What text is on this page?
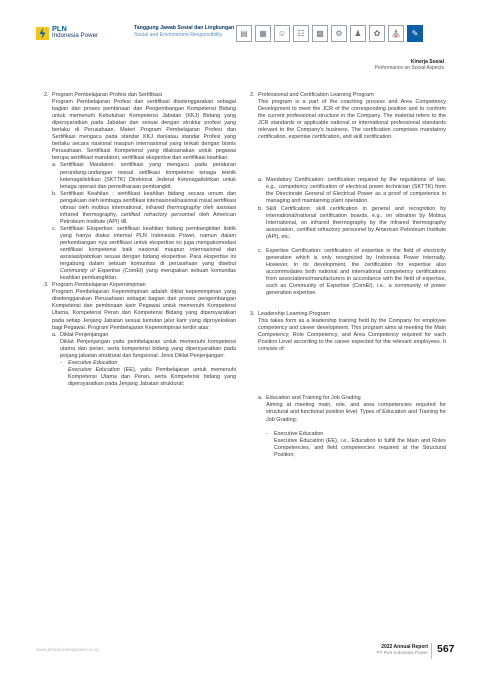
PLN
Indonesia Power
Tanggung Jawab Sosial dan Lingkungan
Social and Environment Responsibility	▤	▦	☺	☷	▩	⚙	♟	✿	⛪	✎
Kinerja Sosial
Performance on Social Aspects
2. Program Pembelajaran Profesi dan Sertifikasi
Program Pembelajaran Profesi dan sertifikasi diselenggarakan sebagai bagian dari proses pembinaan dan Pengembangan Kompetensi Bidang untuk memenuhi Kebutuhan Kompetensi Jabatan (KKJ) Bidang yang dipersyaratkan pada Jabatan dan sesuai dengan struktur profesi yang berlaku di Perusahaan. Materi Program Pembelajaran Profesi dan Sertifikasi mengacu pada standar KKJ dan/atau standar Profesi yang berlaku secara nasional maupun internasional yang terkait dengan bisnis Perusahaan. Sertifikasi Kompetensi yang dilaksanakan untuk pegawai berupa sertifikasi mandatori, sertifikasi ekspertise dan sertifikasi keahlian.
a. Sertifikasi Mandatori: sertifikasi yang mengacu pada peraturan perundang-undangan missal setifikasi kompetensi tenaga teknik ketenagalistrikan (SKTTK) Direktorat Jederal Ketenagalistrikan untuk tenaga operasi dan pemeliharaan pembangkit.
b. Sertifikasi Keahlian : sertifikasi keahlian bidang secara umum dan pengakuan oleh lembaga sertifikasi intenasional/nasional misal sertifikasi vibrasi oleh mobius international, infrared thermography oleh asosiasi infrared thermography, certified refractory personnel oleh American Petroleum Institute (API) dll.
c. Sertifikasi Ekspertise: sertifikasi keahlian bidang pembangkitan listrik yang hanya diakui internal PLN Indonesia Power, namun dalam perkembangan nya sertifikasi untuk ekspertise ini juga mengakomodasi sertifikasi kompetensi baik nasional maupun internasional dari asosiasi/pabrikan sesuai dengan bidang ekspertise. Para ekspertise ini tergabung dalam sebuah komunitas di perusahaan yang disebut Community of Expertise (ComEt) yang merupakan sebuah komunitas keahlian pembangkitan.
3. Program Pembelajaran Kepemimpinan
Program Pembelajaran Kepemimpinan adalah diklat kepemimpinan yang diselenggarakan Perusahaan sebagai bagian dari proses pengembangan Kompetensi dan pembinaan karir Pegawai untuk memenuhi Kompetensi Utama, Kompetensi Peran dan Kompetensi Bidang yang dipersyaratkan pada setiap Jenjang Jabatan sesuai tuntutan jalur karir yang diproyeksikan bagi Pegawai. Program Pembelajaran Kepemimpinan terdiri atas:
a. Diklat Penjenjangan
Diklat Penjenjangan yaitu pembelajaran untuk memenuhi kompetensi utama dan peran, serta kompetensi bidang yang dipersyaratkan pada jenjang jabatan struktural dan fungsional. Jenis Diklat Penjenjangan:
- Executive Education
Executive Education (EE), yaitu Pembelajaran untuk memenuhi Kompetensi Utama dan Peran, serta Kompetensi bidang yang dipersyaratkan pada Jenjang Jabatan struktural;
2. Professional and Certification Learning Program
This program is a part of the coaching process and Area Competency Development to meet the JCR of the corresponding position and to conform the current professional structure in the Company. The material refers to the JCR standards or applicable national or international professional standards relevant to the Company's business. The certification comprises mandatory certification, expertise certification, and skill certification.
a. Mandatory Certification: certification required by the regulations of law, e.g., competency certification of electrical power technician (SKTTK) from the Directorate General of Electrical Power as a proof of competence in managing and maintaining plant operation.
b. Skill Certification: skill certification in general and recognition by international/national certification boards, e.g., on vibration by Mobius International, on infrared thermography by the infrared thermography association, certified refractory personnel by American Petroleum Institute (API), etc.
c. Expertise Certification: certification of expertise in the field of electricity generation which is only recognized by Indonesia Power internally. However, in its development, the certification for expertise also accommodates both national and international competency certifications from associations/manufacturers in accordance with the field of expertise, such as Community of Expertise (ComEt), i.e., a community of power generation expertise.
3. Leadership Learning Program
This takes form as a leadership training held by the Company for employee competency and career development. This program aims at meeting the Main Competency, Role Competency, and Area Competency required for each Position Level according to the career expected for the relevant employees. It consists of:
a. Education and Training for Job Grading
Aiming at meeting main, role, and area competencies required for structural and functional position level. Types of Education and Training for Job Grading:
- Executive Education
Executive Education (EE), i.e., Education to fulfill the Main and Roles Competencies, and field competencies required at the Structural Position;
www.plnindonesiapower.co.id
2022 Annual Report
PT PLN Indonesia Power 567
